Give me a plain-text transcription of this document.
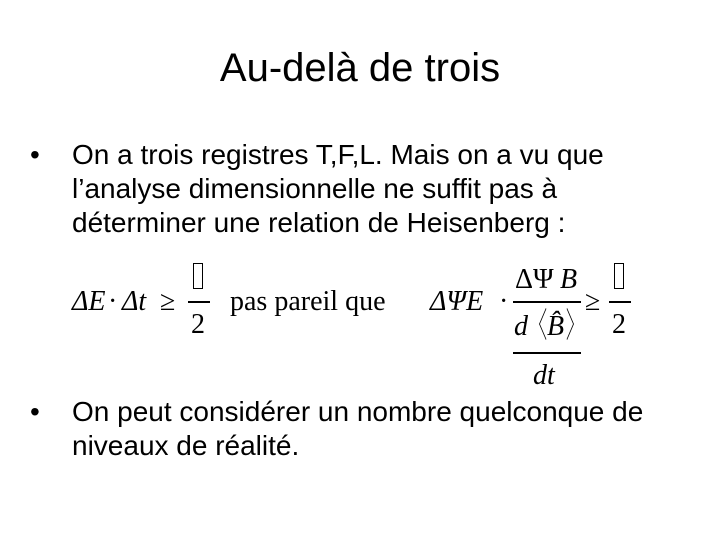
Au-delà de trois
• On a trois registres T,F,L. Mais on a vu que l’analyse dimensionnelle ne suffit pas à déterminer une relation de Heisenberg :
ΔE · Δt ≥
2
pas pareil que ΔΨE ·
ΔΨ B
d 〈 B̂ 〉
dt
≥
2
• On peut considérer un nombre quelconque de niveaux de réalité.
